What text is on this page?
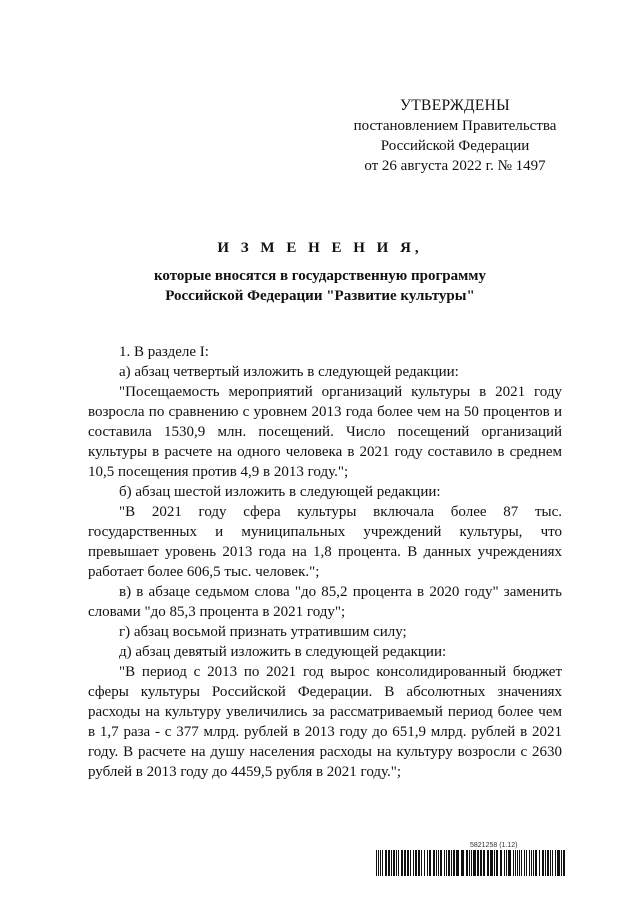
УТВЕРЖДЕНЫ
постановлением Правительства
Российской Федерации
от 26 августа 2022 г. № 1497
И З М Е Н Е Н И Я,
которые вносятся в государственную программу
Российской Федерации "Развитие культуры"

1. В разделе I:

а) абзац четвертый изложить в следующей редакции:

"Посещаемость мероприятий организаций культуры в 2021 году возросла по сравнению с уровнем 2013 года более чем на 50 процентов и составила 1530,9 млн. посещений. Число посещений организаций культуры в расчете на одного человека в 2021 году составило в среднем 10,5 посещения против 4,9 в 2013 году.";

б) абзац шестой изложить в следующей редакции:

"В 2021 году сфера культуры включала более 87 тыс. государственных и муниципальных учреждений культуры, что превышает уровень 2013 года на 1,8 процента. В данных учреждениях работает более 606,5 тыс. человек.";

в) в абзаце седьмом слова "до 85,2 процента в 2020 году" заменить словами "до 85,3 процента в 2021 году";

г) абзац восьмой признать утратившим силу;

д) абзац девятый изложить в следующей редакции:

"В период с 2013 по 2021 год вырос консолидированный бюджет сферы культуры Российской Федерации. В абсолютных значениях расходы на культуру увеличились за рассматриваемый период более чем в 1,7 раза - с 377 млрд. рублей в 2013 году до 651,9 млрд. рублей в 2021 году. В расчете на душу населения расходы на культуру возросли с 2630 рублей в 2013 году до 4459,5 рубля в 2021 году.";

5821258 (1.12)
